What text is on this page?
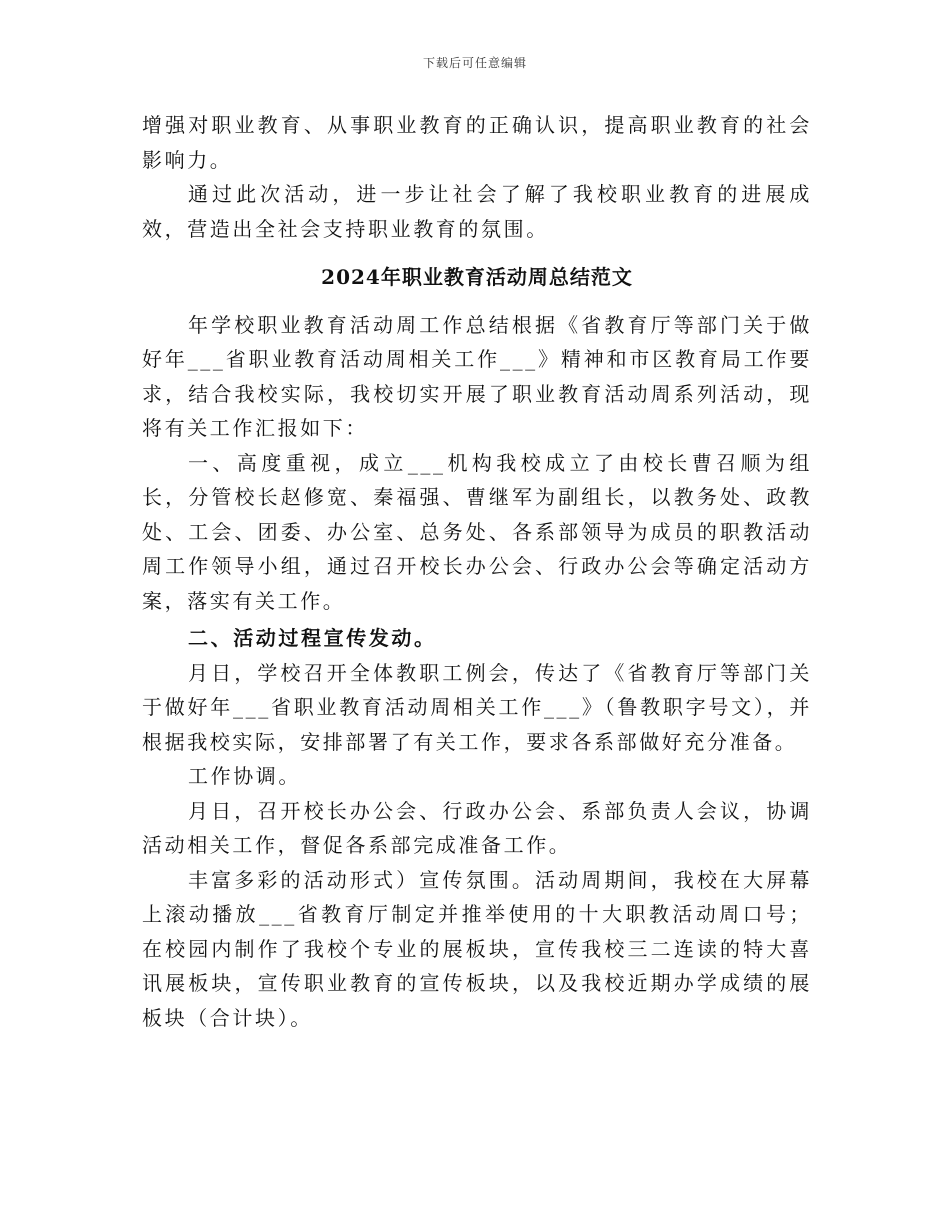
下载后可任意编辑

增强对职业教育、从事职业教育的正确认识，提高职业教育的社会影响力。

通过此次活动，进一步让社会了解了我校职业教育的进展成效，营造出全社会支持职业教育的氛围。

2024年职业教育活动周总结范文

年学校职业教育活动周工作总结根据《省教育厅等部门关于做好年___省职业教育活动周相关工作___》精神和市区教育局工作要求，结合我校实际，我校切实开展了职业教育活动周系列活动，现将有关工作汇报如下：

一、高度重视，成立___机构我校成立了由校长曹召顺为组长，分管校长赵修宽、秦福强、曹继军为副组长，以教务处、政教处、工会、团委、办公室、总务处、各系部领导为成员的职教活动周工作领导小组，通过召开校长办公会、行政办公会等确定活动方案，落实有关工作。

二、活动过程宣传发动。

月日，学校召开全体教职工例会，传达了《省教育厅等部门关于做好年___省职业教育活动周相关工作___》（鲁教职字号文），并根据我校实际，安排部署了有关工作，要求各系部做好充分准备。

工作协调。

月日，召开校长办公会、行政办公会、系部负责人会议，协调活动相关工作，督促各系部完成准备工作。

丰富多彩的活动形式）宣传氛围。活动周期间，我校在大屏幕上滚动播放___省教育厅制定并推举使用的十大职教活动周口号；在校园内制作了我校个专业的展板块，宣传我校三二连读的特大喜讯展板块，宣传职业教育的宣传板块，以及我校近期办学成绩的展板块（合计块）。
